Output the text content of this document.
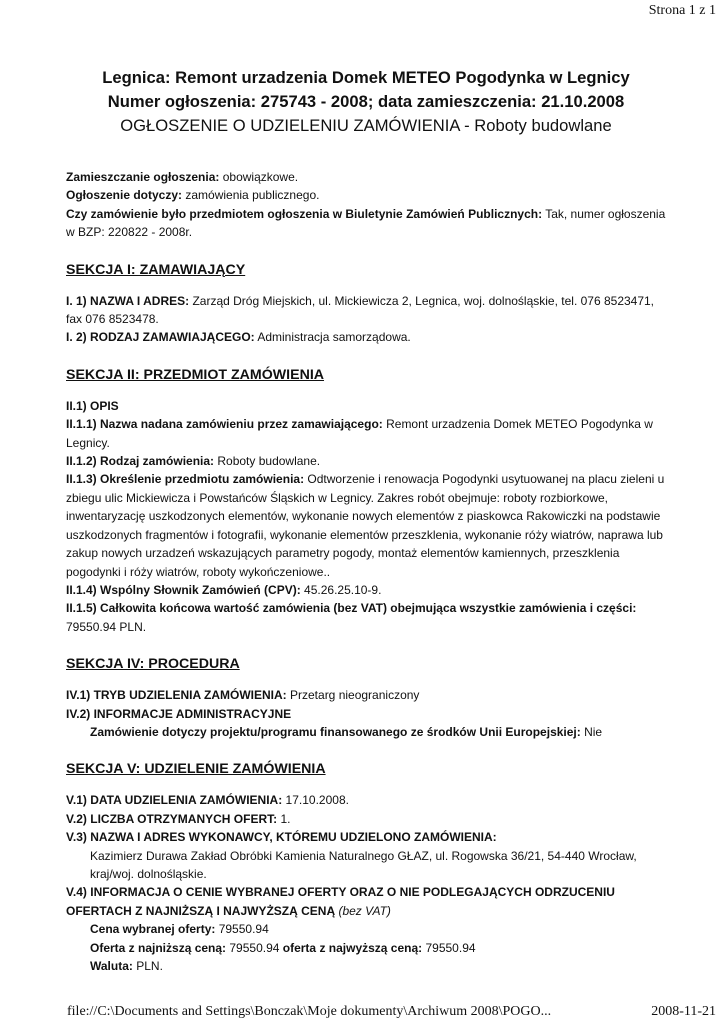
Strona 1 z 1
Legnica: Remont urzadzenia Domek METEO Pogodynka w Legnicy
Numer ogłoszenia: 275743 - 2008; data zamieszczenia: 21.10.2008
OGŁOSZENIE O UDZIELENIU ZAMÓWIENIA - Roboty budowlane

Zamieszczanie ogłoszenia: obowiązkowe.

Ogłoszenie dotyczy: zamówienia publicznego.

Czy zamówienie było przedmiotem ogłoszenia w Biuletynie Zamówień Publicznych: Tak, numer ogłoszenia

w BZP: 220822 - 2008r.

SEKCJA I: ZAMAWIAJĄCY

I. 1) NAZWA I ADRES: Zarząd Dróg Miejskich, ul. Mickiewicza 2, Legnica, woj. dolnośląskie, tel. 076 8523471,

fax 076 8523478.

I. 2) RODZAJ ZAMAWIAJĄCEGO: Administracja samorządowa.

SEKCJA II: PRZEDMIOT ZAMÓWIENIA

II.1) OPIS

II.1.1) Nazwa nadana zamówieniu przez zamawiającego: Remont urzadzenia Domek METEO Pogodynka w

Legnicy.

II.1.2) Rodzaj zamówienia: Roboty budowlane.

II.1.3) Określenie przedmiotu zamówienia: Odtworzenie i renowacja Pogodynki usytuowanej na placu zieleni u

zbiegu ulic Mickiewicza i Powstańców Śląskich w Legnicy. Zakres robót obejmuje: roboty rozbiorkowe,

inwentaryzację uszkodzonych elementów, wykonanie nowych elementów z piaskowca Rakowiczki na podstawie

uszkodzonych fragmentów i fotografii, wykonanie elementów przeszklenia, wykonanie róży wiatrów, naprawa lub

zakup nowych urzadzeń wskazujących parametry pogody, montaż elementów kamiennych, przeszklenia

pogodynki i róży wiatrów, roboty wykończeniowe..

II.1.4) Wspólny Słownik Zamówień (CPV): 45.26.25.10-9.

II.1.5) Całkowita końcowa wartość zamówienia (bez VAT) obejmująca wszystkie zamówienia i części:

79550.94 PLN.

SEKCJA IV: PROCEDURA

IV.1) TRYB UDZIELENIA ZAMÓWIENIA: Przetarg nieograniczony

IV.2) INFORMACJE ADMINISTRACYJNE

Zamówienie dotyczy projektu/programu finansowanego ze środków Unii Europejskiej: Nie

SEKCJA V: UDZIELENIE ZAMÓWIENIA

V.1) DATA UDZIELENIA ZAMÓWIENIA: 17.10.2008.

V.2) LICZBA OTRZYMANYCH OFERT: 1.

V.3) NAZWA I ADRES WYKONAWCY, KTÓREMU UDZIELONO ZAMÓWIENIA:

Kazimierz Durawa Zakład Obróbki Kamienia Naturalnego GŁAZ, ul. Rogowska 36/21, 54-440 Wrocław,

kraj/woj. dolnośląskie.

V.4) INFORMACJA O CENIE WYBRANEJ OFERTY ORAZ O NIE PODLEGAJĄCYCH ODRZUCENIU

OFERTACH Z NAJNIŻSZĄ I NAJWYŻSZĄ CENĄ (bez VAT)

Cena wybranej oferty: 79550.94

Oferta z najniższą ceną: 79550.94 oferta z najwyższą ceną: 79550.94

Waluta: PLN.

file://C:\Documents and Settings\Bonczak\Moje dokumenty\Archiwum 2008\POGO...	2008-11-21
